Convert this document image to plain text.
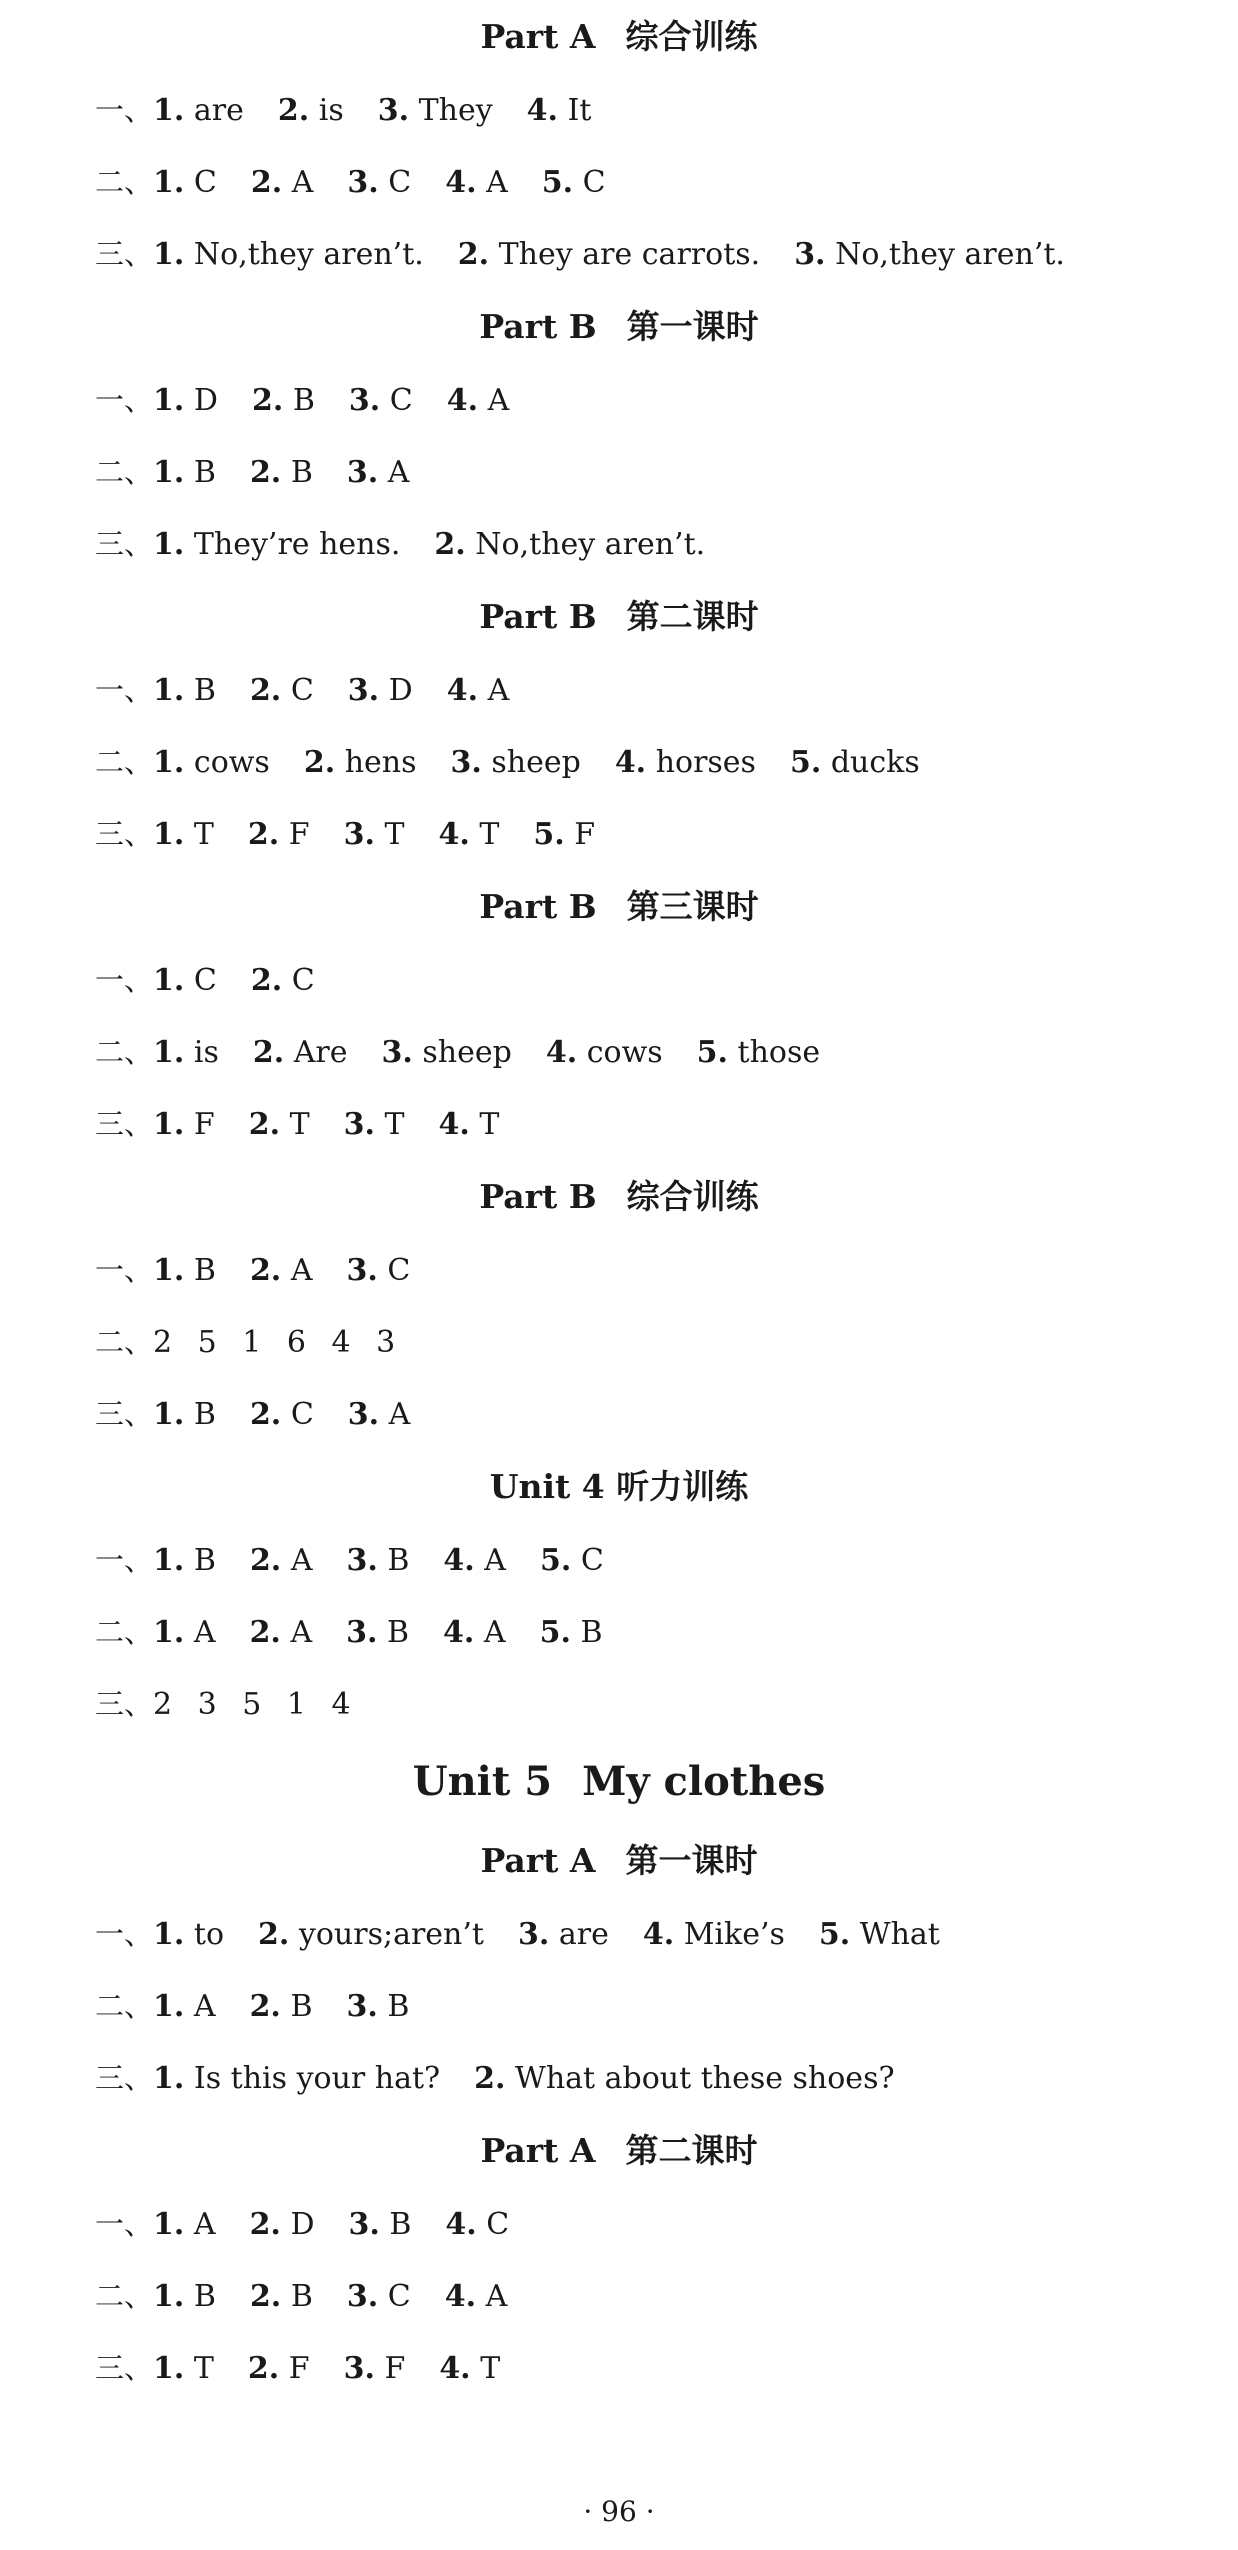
Part A 综合训练
一、1. are 2. is 3. They 4. It
二、1. C 2. A 3. C 4. A 5. C
三、1. No,they aren’t. 2. They are carrots. 3. No,they aren’t.
Part B 第一课时
一、1. D 2. B 3. C 4. A
二、1. B 2. B 3. A
三、1. They’re hens. 2. No,they aren’t.
Part B 第二课时
一、1. B 2. C 3. D 4. A
二、1. cows 2. hens 3. sheep 4. horses 5. ducks
三、1. T 2. F 3. T 4. T 5. F
Part B 第三课时
一、1. C 2. C
二、1. is 2. Are 3. sheep 4. cows 5. those
三、1. F 2. T 3. T 4. T
Part B 综合训练
一、1. B 2. A 3. C
二、2 5 1 6 4 3
三、1. B 2. C 3. A
Unit 4 听力训练
一、1. B 2. A 3. B 4. A 5. C
二、1. A 2. A 3. B 4. A 5. B
三、2 3 5 1 4
Unit 5 My clothes
Part A 第一课时
一、1. to 2. yours;aren’t 3. are 4. Mike’s 5. What
二、1. A 2. B 3. B
三、1. Is this your hat? 2. What about these shoes?
Part A 第二课时
一、1. A 2. D 3. B 4. C
二、1. B 2. B 3. C 4. A
三、1. T 2. F 3. F 4. T
· 96 ·
